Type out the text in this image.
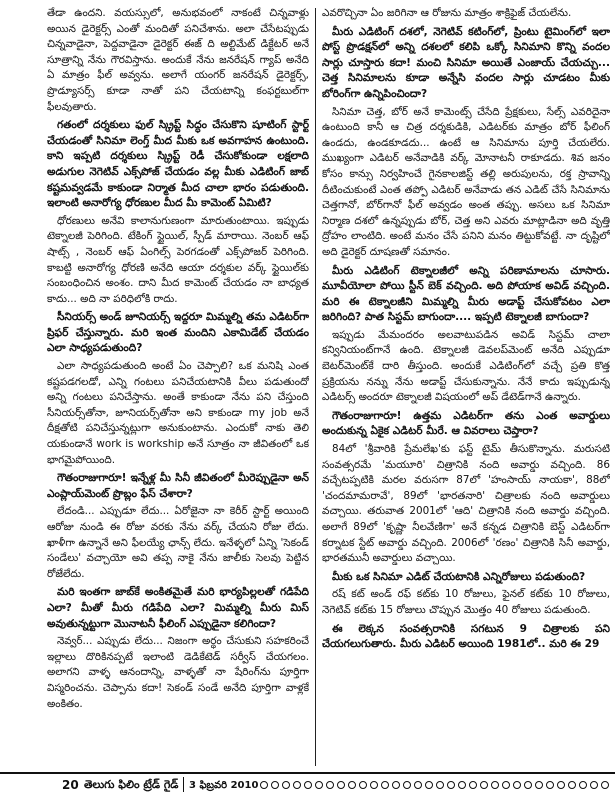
తేడా ఉందని. వయస్సులో, అనుభవంలో నాకంటే చిన్నవాళ్లు అయిన డైరెక్టర్స్ ఎంతో మందితో పనిచేశాను. అలా చేసేటప్పుడు చిన్నవాడైనా, పెద్దవాడైనా డైరెక్టర్ ఈజ్ ది అల్టిమేట్ డిక్టేటర్ అనే సూత్రాన్ని నేను గౌరవిస్తాను. అందుకే నేను జనరేషన్ గ్యాప్ అనేది ఏ మాత్రం ఫీల్ అవ్వను. అలాగే యంగర్ జనరేషన్ డైరెక్టర్స్, ప్రొడ్యూసర్స్ కూడా నాతో పని చేయటాన్ని కంఫర్టబుల్‌గా ఫీలవుతారు.

గతంలో దర్శకులు ఫుల్ స్క్రిప్ట్ సిద్ధం చేసుకొని షూటింగ్ స్టార్ట్ చేయడంతో సినిమా లెంగ్త్ మీద మీకు ఒక అవగాహన ఉంటుంది. కాని ఇప్పటి దర్శకులు స్క్రిప్ట్ రెడీ చేసుకోకుండా లక్షలాది అడుగుల నెగెటివ్ ఎక్స్‌పోజ్ చేయడం వల్ల మీకు ఎడిటింగ్ జాబ్ కష్టమవ్వడమే కాకుండా నిర్మాత మీద చాలా భారం పడుతుంది. ఇలాంటి అనారోగ్య ధోరణుల మీద మీ కామెంట్ ఏమిటి?

ధోరణులు అనేవి కాలానుగుణంగా మారుతుంటాయి. ఇప్పుడు టెక్నాలజీ పెరిగింది. టేకింగ్ స్టైయిల్, స్పీడ్ మారాయి. నెంబర్ ఆఫ్ షాట్స్ , నెంబర్ ఆఫ్ ఏంగిల్స్ పెరగడంతో ఎక్స్‌పోజర్ పెరిగింది. కాబట్టి అనారోగ్య ధోరణి అనేది ఆయా దర్శకుల వర్క్ స్టైయిల్‌కు సంబంధించిన అంశం. దాని మీద కామెంట్ చేయడం నా బాధ్యత కాదు... అది నా పరిధిలోకి రాదు.

సీనియర్స్ అండ్ జూనియర్స్ ఇద్దరూ మిమ్మల్ని తమ ఎడిటర్‌గా ప్రిఫర్ చేస్తున్నారు. మరి ఇంత మందిని ఎకామిడేట్ చేయడం ఎలా సాధ్యపడుతుంది?

ఎలా సాధ్యపడుతుంది అంటే ఏం చెప్పాలి? ఒక మనిషి ఎంత కష్టపడగలడో, ఎన్ని గంటలు పనిచేయటానికి వీలు పడుతుందో అన్ని గంటలు పనిచేస్తాను. అంతే కాకుండా నేను పని చేస్తుంది సీనియర్స్‌తోనా, జూనియర్స్‌తోనా అని కాకుండా my job అనే దీక్షతోటి పనిచేస్తున్నట్లుగా అనుకుంటాను. ఎందుకో నాకు తెలి యకుండానే work is workship అనే సూత్రం నా జీవితంలో ఒక భాగమైపోయింది.

గౌతంరాజుగారూ! ఇన్నేళ్ల మీ సినీ జీవితంలో మీరెప్పుడైనా అన్ ఎంప్లాయ్‌మెంట్ ప్రొబ్లం ఫేస్ చేశారా?

లేదండి... ఎప్పుడూ లేదు... ఏరోజైనా నా కెరీర్ స్టార్ట్ అయింది ఆరోజు నుండి ఈ రోజు వరకు నేను వర్క్ చేయని రోజు లేదు. ఖాళీగా ఉన్నానే అని ఫీలయ్యే ఛాన్స్ లేదు. ఇనేళ్ళలో ఏన్ని 'సెకండ్ సండేలు' వచ్చాయో అవి తప్ప నాకై నేను జాలీకు సెలవు పెట్టిన రోజేలేదు.

మరి ఇంతగా జాబ్‌కే అంకితమైతే మరి భార్యపిల్లలతో గడిపేది ఎలా? మీతో మీరు గడిపేది ఎలా? మిమ్మల్ని మీరు మిస్ అవుతున్నట్టుగా మొనాటనీ ఫీలింగ్ ఎప్పుడైనా కలిగిందా?

నెవ్వర్... ఎప్పుడు లేదు... నిజంగా అర్థం చేసుకుని సహకరించే ఇల్లాలు దొరికినప్పటే ఇలాంటి డెడికేటెడ్ సర్వీస్ చేయగలం. అలాగని వాళ్ళ ఆనందాన్ని, వాళ్ళతో నా షేరింగ్‌ను పూర్తిగా విస్మరించను. చెప్పాను కదా! సెకండ్ సండే అనేది పూర్తిగా వాళ్లకే అంకితం.

ఎవరొచ్చినా ఏం జరిగినా ఆ రోజును మాత్రం శాక్రిఫైజ్ చేయలేను.

మీరు ఎడిటింగ్ దశలో, నెగెటివ్ కటింగ్‌లో, ప్రింటు టైమింగ్‌లో ఇలా పోస్ట్ ప్రొడక్షన్‌లో అన్ని దశలలో కలిపి ఒక్కో సినిమాని కొన్ని వందల సార్లు చూస్తారు కదా! మంచి సినిమా అయితే ఎంజాయ్ చేయచ్చు... చెత్త సినిమాలను కూడా అన్నేసి వందల సార్లు చూడటం మీకు బోరింగ్‌గా ఉన్నిపించిందా?

సినిమా చెత్త, బోర్ అనే కామెంట్స్ చేసేది ప్రేక్షకులు, సేల్స్ ఎవరిదైనా ఉంటుంది కానీ ఆ చిత్ర దర్శకుడికి, ఎడిటర్‌కు మాత్రం బోర్ ఫీలింగ్ ఉండదు, ఉండకూడదు... ఉంటే ఆ సినిమాను పూర్తి చేయలేరు. ముఖ్యంగా ఎడిటర్ అనేవాడికి వర్క్ మోనాటనీ రాకూడదు. శివ జనం కోసం కాన్సు నిర్వహించే గైనకాలజిస్ట్ తల్లి అరుపులను, రక్త స్రావాన్ని దీటించుకుంటే ఎంత తప్పో ఎడిటర్ అనేవాడు తన ఎడిట్ చేసే సినిమాను చెత్తగానో, బోర్‌గానో ఫీల్ అవ్వడం అంత తప్పు. అసలు ఒక సినిమా నిర్మాణ దశలో ఉన్నప్పుడు బోర్, చెత్త అని ఎవరు మాట్లాడినా అది వృత్తి ద్రోహం లాంటిది. అంటే మనం చేసే పనిని మనం తిట్టుకోవట్టే. నా దృష్టిలో అది డైరెక్టర్ దూషణతో సమానం.

మీరు ఎడిటింగ్ టెక్నాలజీలో అన్ని పరిణామాలను చూసారు. మూవీయోలా పోయి స్టీన్ బెక్ వచ్చింది. అది పోయాక అవిడ్ వచ్చింది. మరి ఈ టెక్నాలజీని మిమ్మల్ని మీరు అడాప్ట్ చేసుకోవటం ఎలా జరిగింది? పాత సిస్టమ్ బాగుందా.... ఇప్పటి టెక్నాలజీ బాగుందా?

ఇప్పుడు మేమందరం అలవాటుపడిన అవిడ్ సిస్టమ్ చాలా కన్వినియంట్‌గానే ఉంది. టెక్నాలజీ డెవలప్‌మెంట్ అనేది ఎప్పుడూ బెటర్‌మెంట్‌కే దారి తీస్తుంది. అందుకే ఎడిటింగ్‌లో వచ్చే ప్రతి కొత్త ప్రక్రియను నన్ను నేను అడాప్ట్ చేసుకున్నాను. నేనే కాదు ఇప్పుడున్న ఎడిటర్స్ అందరూ టెక్నాలజీ విషయంలో అప్ డేటెడ్‌గానే ఉన్నారు.

గౌతంరాజుగారూ! ఉత్తమ ఎడిటర్‌గా తను ఎంత అవార్డులు అందుకున్న ఏకైక ఎడిటర్ మీరే. ఆ వివరాలు చెప్తారా?

84లో 'శ్రీవారికి ప్రేమలేఖ'కు ఫస్ట్ టైమ్ తీసుకొన్నాను. మరుసటి సంవత్సరమే 'మయూరి' చిత్రానికి నంది అవార్డు వచ్చింది. 86 వచ్చేటప్పటికి మరల వరుసగా 87లో 'హంసాయ్ నాయకా', 88లో 'చందమామరావే', 89లో 'భారతనారి' చిత్రాలకు నంది అవార్డులు వచ్చాయి. తరువాత 2001లో 'ఆది' చిత్రానికి నంది అవార్డు వచ్చింది. అలాగే 89లో 'కృష్ణా నీలవేణి‌గా' అనే కన్నడ చిత్రానికి బెస్ట్ ఎడిటర్‌గా కర్నాటక స్టేట్ అవార్డు వచ్చింది. 2006లో 'రణం' చిత్రానికి సినీ అవార్డు, భారతమునీ అవార్డులు వచ్చాయి.

మీకు ఒక సినిమా ఎడిట్ చేయటానికి ఎన్నిరోజులు పడుతుంది?

రష్ కట్ అండ్ రఫ్ కట్‌కు 10 రోజులు, ఫైనల్ కట్‌కు 10 రోజులు, నెగెటివ్ కట్‌కు 15 రోజులు చొప్పున మొత్తం 40 రోజులు పడుతుంది.

ఈ లెక్కన సంవత్సరానికి సగటున 9 చిత్రాలకు పని చేయగలుగుతారు. మీరు ఎడిటర్ అయింది 1981లో.. మరి ఈ 29

20 తెలుగు ఫిలిం ట్రేడ్ గైడ్ 3 ఫిబ్రవరి 2010
